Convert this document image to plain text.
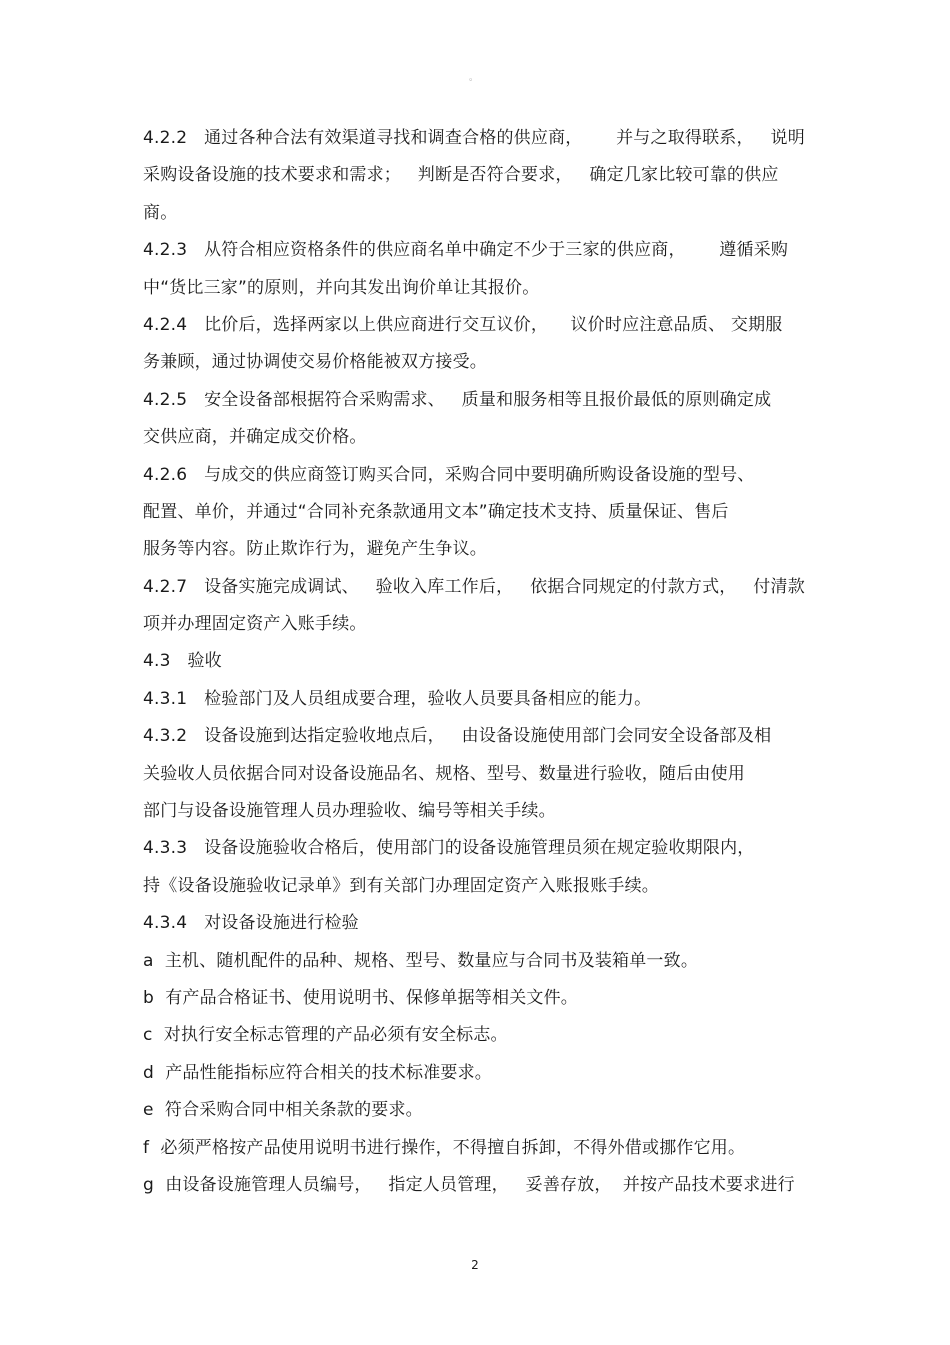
。
4.2.2   通过各种合法有效渠道寻找和调查合格的供应商，      并与之取得联系，   说明
采购设备设施的技术要求和需求；   判断是否符合要求，   确定几家比较可靠的供应
商。
4.2.3   从符合相应资格条件的供应商名单中确定不少于三家的供应商，      遵循采购
中“货比三家”的原则，并向其发出询价单让其报价。
4.2.4   比价后，选择两家以上供应商进行交互议价，    议价时应注意品质、 交期服
务兼顾，通过协调使交易价格能被双方接受。
4.2.5   安全设备部根据符合采购需求、   质量和服务相等且报价最低的原则确定成
交供应商，并确定成交价格。
4.2.6   与成交的供应商签订购买合同，采购合同中要明确所购设备设施的型号、
配置、单价，并通过“合同补充条款通用文本”确定技术支持、质量保证、售后
服务等内容。防止欺诈行为，避免产生争议。
4.2.7   设备实施完成调试、   验收入库工作后，   依据合同规定的付款方式，   付清款
项并办理固定资产入账手续。
4.3   验收
4.3.1   检验部门及人员组成要合理，验收人员要具备相应的能力。
4.3.2   设备设施到达指定验收地点后，   由设备设施使用部门会同安全设备部及相
关验收人员依据合同对设备设施品名、规格、型号、数量进行验收，随后由使用
部门与设备设施管理人员办理验收、编号等相关手续。
4.3.3   设备设施验收合格后，使用部门的设备设施管理员须在规定验收期限内，
持《设备设施验收记录单》到有关部门办理固定资产入账报账手续。
4.3.4   对设备设施进行检验
a  主机、随机配件的品种、规格、型号、数量应与合同书及装箱单一致。
b  有产品合格证书、使用说明书、保修单据等相关文件。
c  对执行安全标志管理的产品必须有安全标志。
d  产品性能指标应符合相关的技术标准要求。
e  符合采购合同中相关条款的要求。
f  必须严格按产品使用说明书进行操作，不得擅自拆卸，不得外借或挪作它用。
g  由设备设施管理人员编号，   指定人员管理，   妥善存放，  并按产品技术要求进行
2
